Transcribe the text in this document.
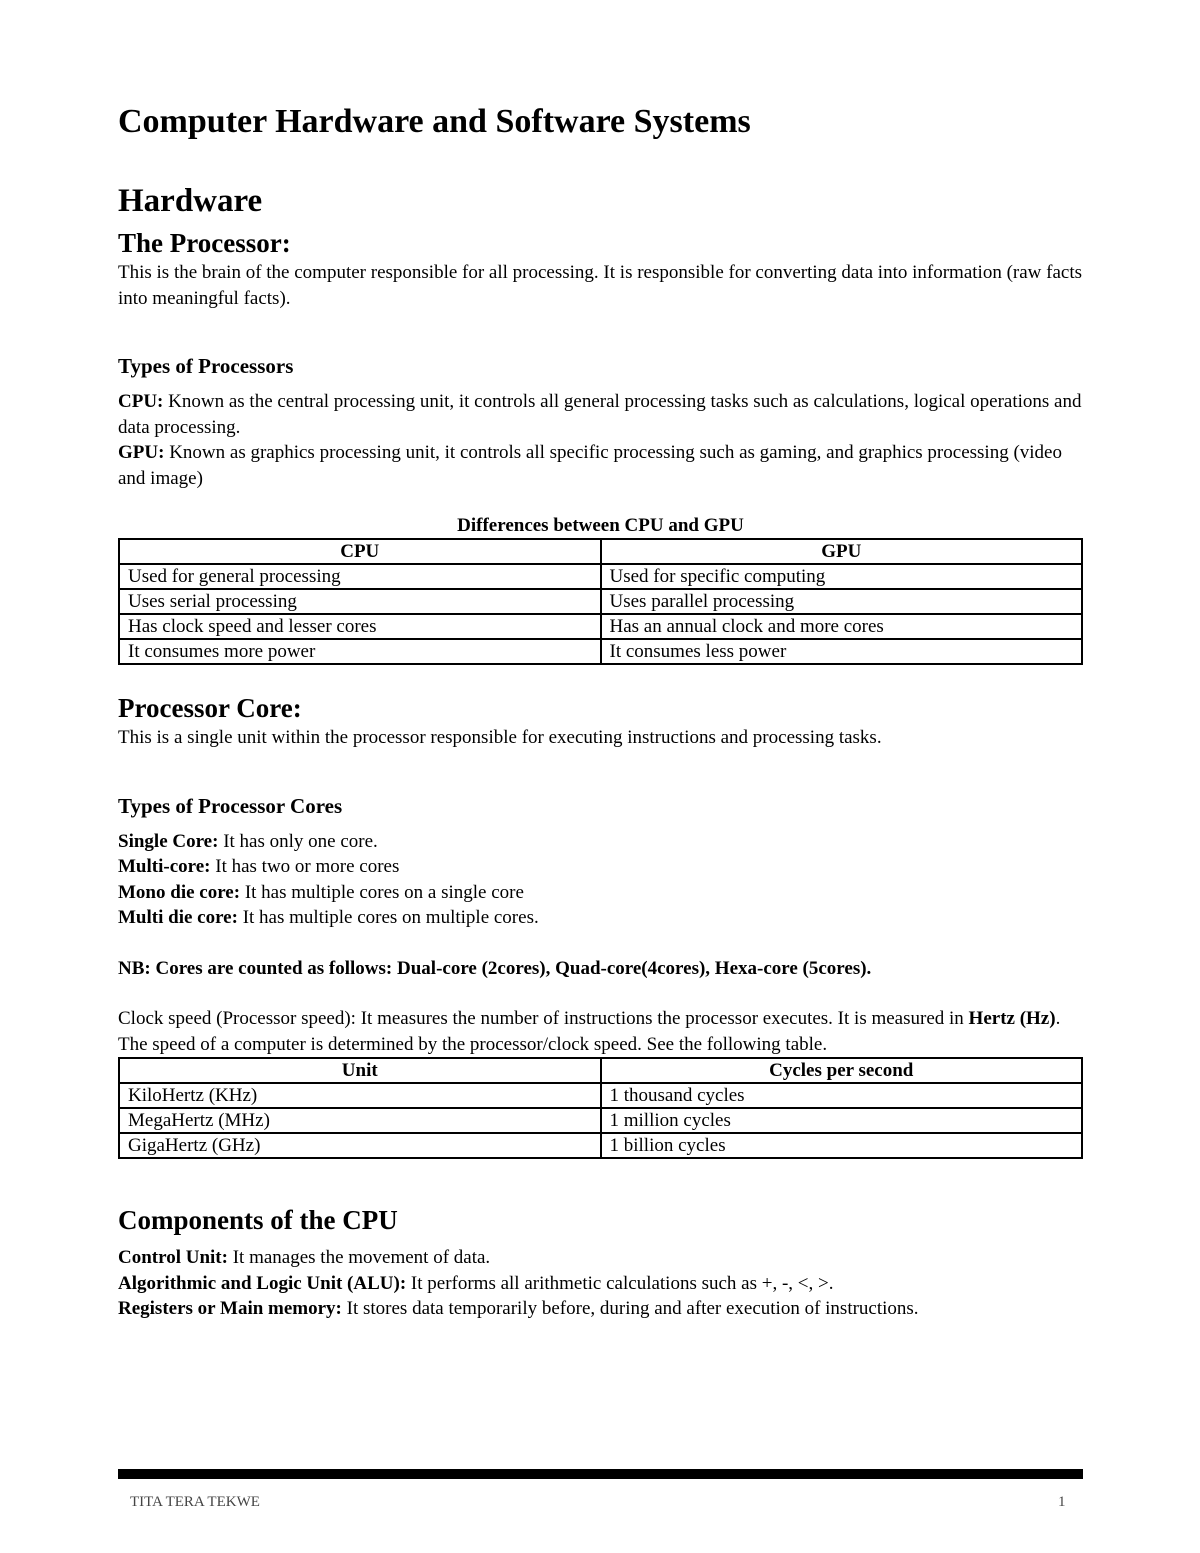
Computer Hardware and Software Systems
Hardware
The Processor:

This is the brain of the computer responsible for all processing. It is responsible for converting data into information (raw facts into meaningful facts).

Types of Processors

CPU: Known as the central processing unit, it controls all general processing tasks such as calculations, logical operations and data processing.

GPU: Known as graphics processing unit, it controls all specific processing such as gaming, and graphics processing (video and image)

Differences between CPU and GPU
CPU	GPU
Used for general processing	Used for specific computing
Uses serial processing	Uses parallel processing
Has clock speed and lesser cores	Has an annual clock and more cores
It consumes more power	It consumes less power
Processor Core:

This is a single unit within the processor responsible for executing instructions and processing tasks.

Types of Processor Cores

Single Core: It has only one core.

Multi-core: It has two or more cores

Mono die core: It has multiple cores on a single core

Multi die core: It has multiple cores on multiple cores.

NB: Cores are counted as follows: Dual-core (2cores), Quad-core(4cores), Hexa-core (5cores).

Clock speed (Processor speed): It measures the number of instructions the processor executes. It is measured in Hertz (Hz). The speed of a computer is determined by the processor/clock speed. See the following table.

Unit	Cycles per second
KiloHertz (KHz)	1 thousand cycles
MegaHertz (MHz)	1 million cycles
GigaHertz (GHz)	1 billion cycles
Components of the CPU

Control Unit: It manages the movement of data.

Algorithmic and Logic Unit (ALU): It performs all arithmetic calculations such as +, -, <, >.

Registers or Main memory: It stores data temporarily before, during and after execution of instructions.

TITA TERA TEKWE	1
